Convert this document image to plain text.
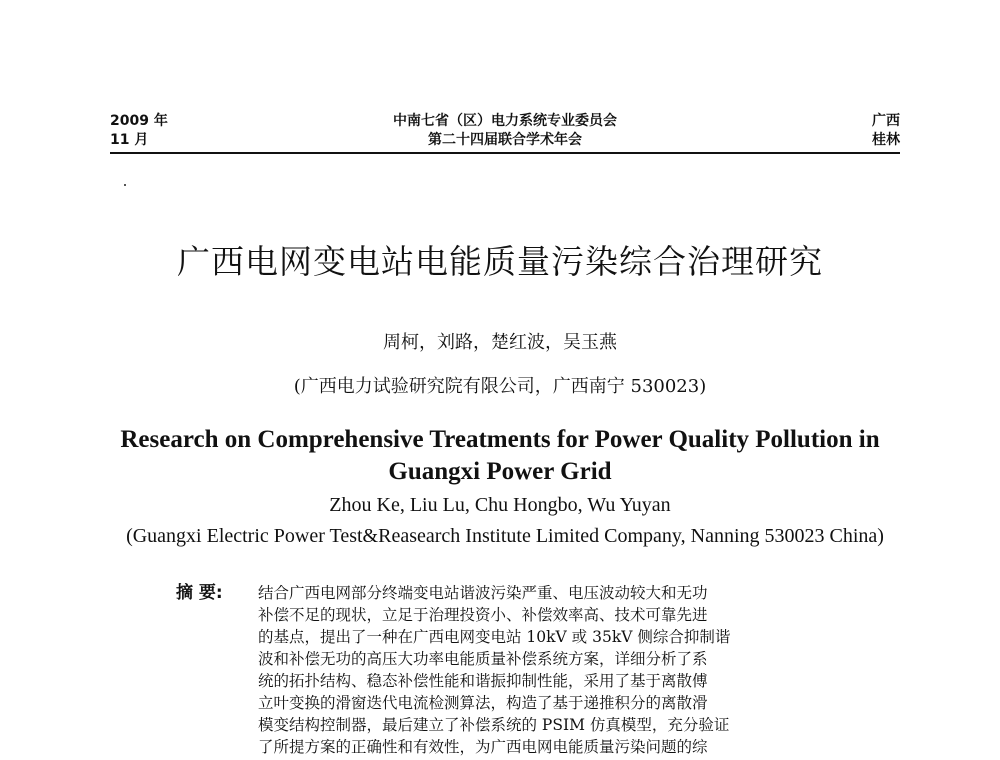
2009 年
11 月
中南七省（区）电力系统专业委员会
第二十四届联合学术年会
广西
桂林
广西电网变电站电能质量污染综合治理研究
周柯，刘路，楚红波，吴玉燕
(广西电力试验研究院有限公司，广西南宁 530023)
Research on Comprehensive Treatments for Power Quality Pollution in Guangxi Power Grid
Zhou Ke, Liu Lu, Chu Hongbo, Wu Yuyan
(Guangxi Electric Power Test&Reasearch Institute Limited Company, Nanning 530023 China)
摘 要: 结合广西电网部分终端变电站谐波污染严重、电压波动较大和无功
补偿不足的现状，立足于治理投资小、补偿效率高、技术可靠先进
的基点，提出了一种在广西电网变电站 10kV 或 35kV 侧综合抑制谐
波和补偿无功的高压大功率电能质量补偿系统方案，详细分析了系
统的拓扑结构、稳态补偿性能和谐振抑制性能，采用了基于离散傅
立叶变换的滑窗迭代电流检测算法，构造了基于递推积分的离散滑
模变结构控制器，最后建立了补偿系统的 PSIM 仿真模型，充分验证
了所提方案的正确性和有效性，为广西电网电能质量污染问题的综
